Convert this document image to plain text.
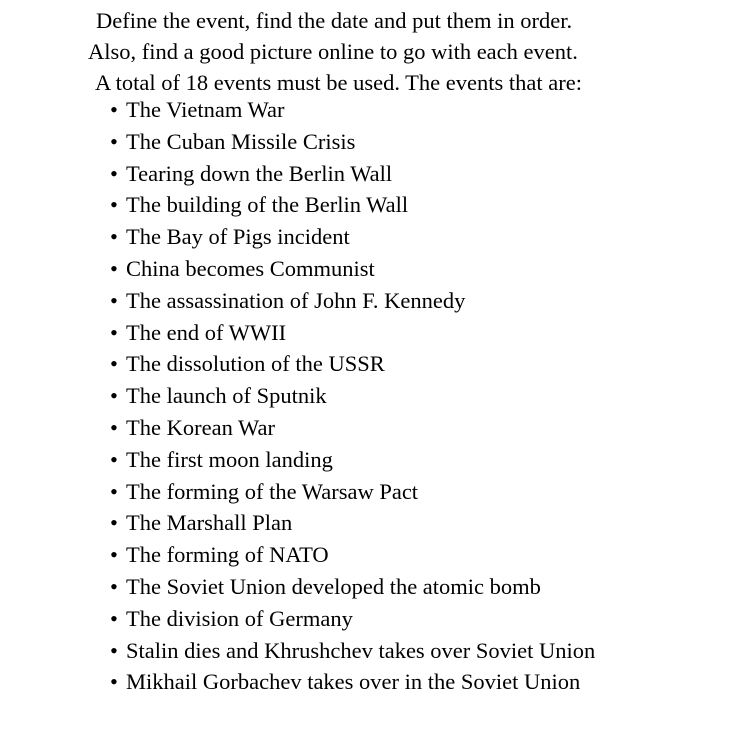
Define the event, find the date and put them in order.
Also, find a good picture online to go with each event.
A total of 18 events must be used. The events that are:
• The Vietnam War
• The Cuban Missile Crisis
• Tearing down the Berlin Wall
• The building of the Berlin Wall
• The Bay of Pigs incident
• China becomes Communist
• The assassination of John F. Kennedy
• The end of WWII
• The dissolution of the USSR
• The launch of Sputnik
• The Korean War
• The first moon landing
• The forming of the Warsaw Pact
• The Marshall Plan
• The forming of NATO
• The Soviet Union developed the atomic bomb
• The division of Germany
• Stalin dies and Khrushchev takes over Soviet Union
• Mikhail Gorbachev takes over in the Soviet Union
